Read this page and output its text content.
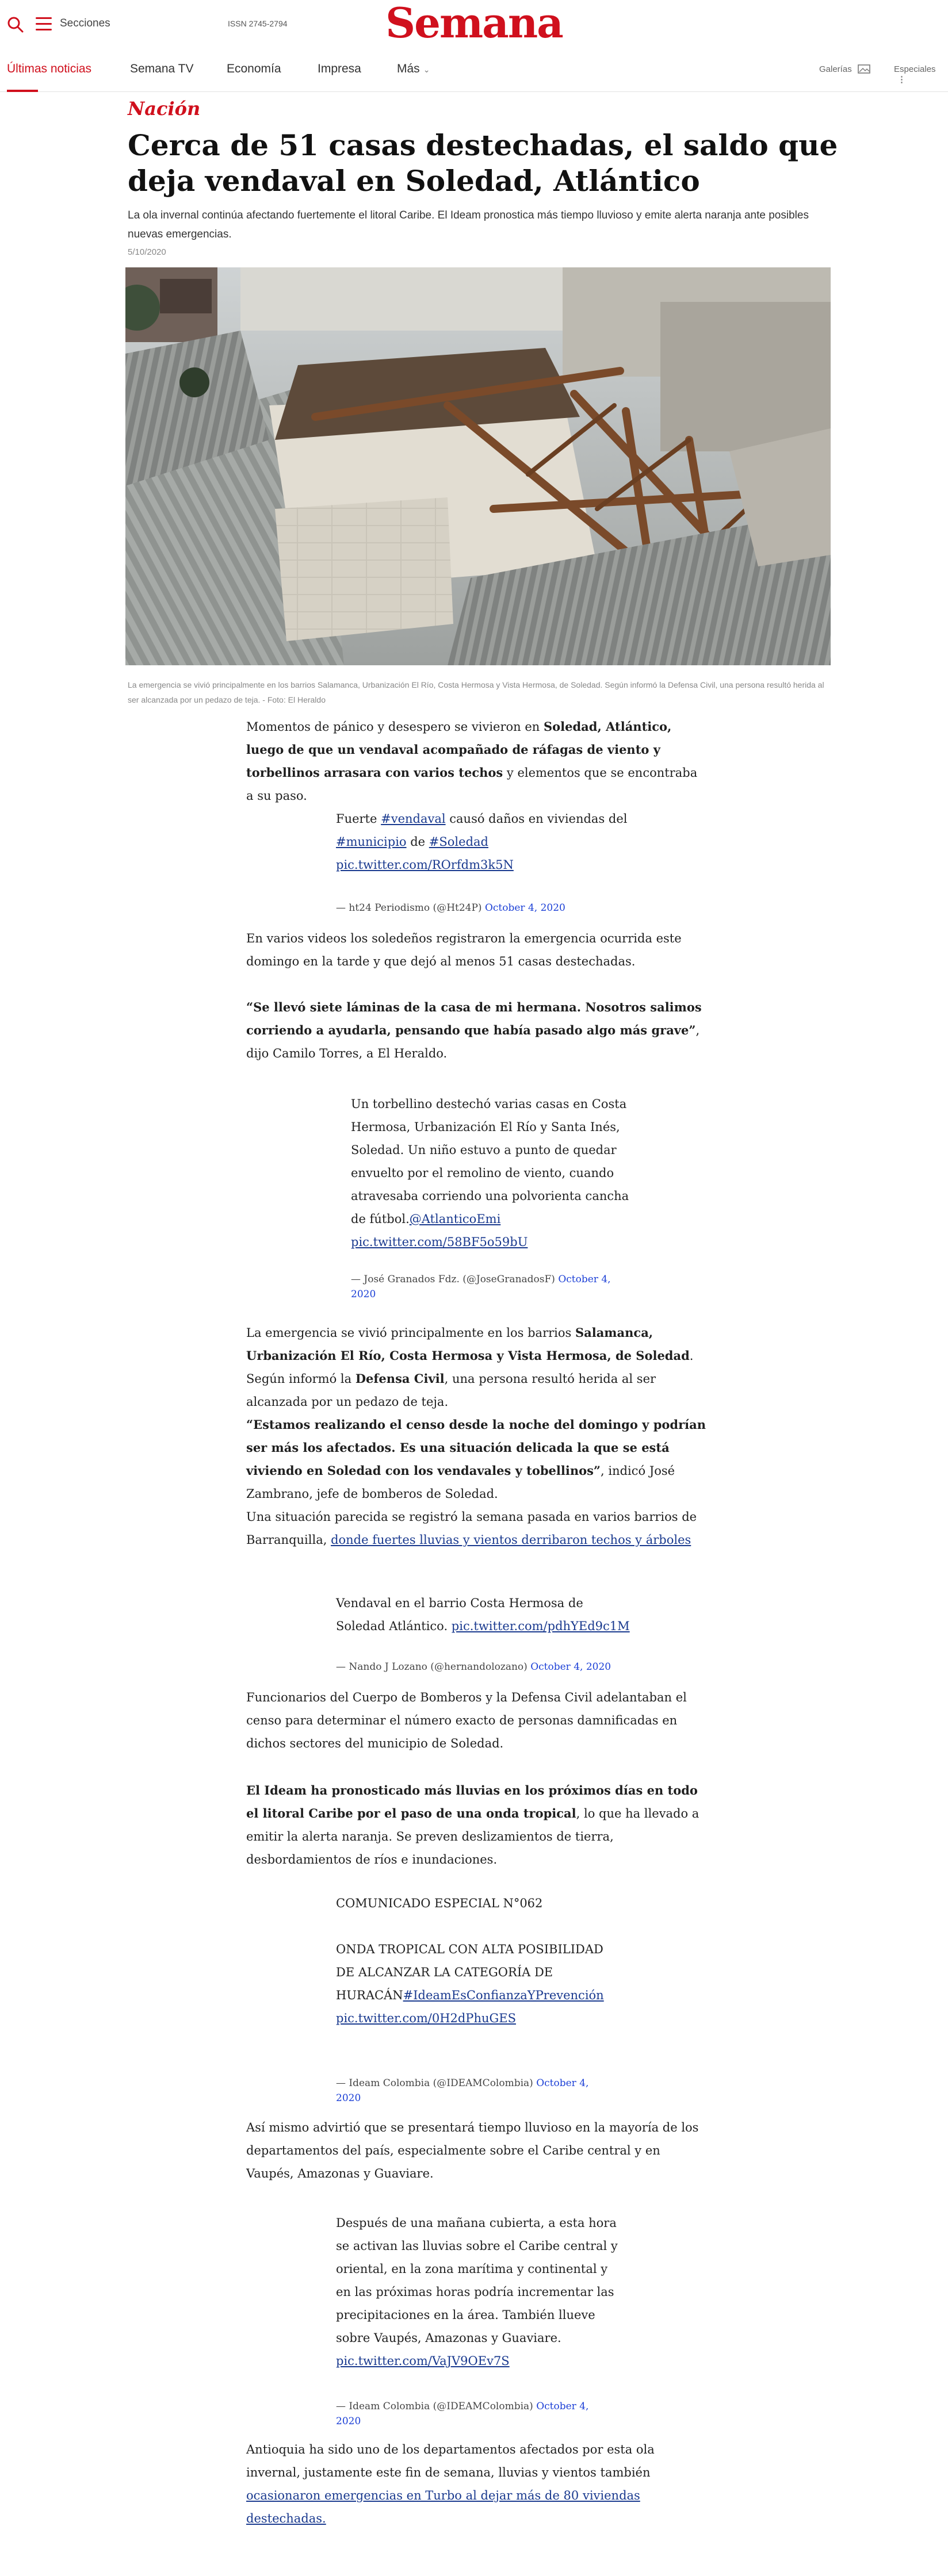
Secciones	ISSN 2745-2794	Semana
Últimas noticias	Semana TV	Economía	Impresa	Más ⌄	Galerías	Especiales ⋮
Nación
Cerca de 51 casas destechadas, el saldo que deja vendaval en Soledad, Atlántico
La ola invernal continúa afectando fuertemente el litoral Caribe. El Ideam pronostica más tiempo lluvioso y emite alerta naranja ante posibles nuevas emergencias.
5/10/2020
La emergencia se vivió principalmente en los barrios Salamanca, Urbanización El Río, Costa Hermosa y Vista Hermosa, de Soledad. Según informó la Defensa Civil, una persona resultó herida al ser alcanzada por un pedazo de teja. - Foto: El Heraldo

Momentos de pánico y desespero se vivieron en Soledad, Atlántico, luego de que un vendaval acompañado de ráfagas de viento y torbellinos arrasara con varios techos y elementos que se encontraba a su paso.

Fuerte #vendaval causó daños en viviendas del
#municipio de #Soledad
pic.twitter.com/ROrfdm3k5N
— ht24 Periodismo (@Ht24P) October 4, 2020

En varios videos los soledeños registraron la emergencia ocurrida este domingo en la tarde y que dejó al menos 51 casas destechadas.

“Se llevó siete láminas de la casa de mi hermana. Nosotros salimos corriendo a ayudarla, pensando que había pasado algo más grave”, dijo Camilo Torres, a El Heraldo.

Un torbellino destechó varias casas en Costa Hermosa, Urbanización El Río y Santa Inés, Soledad. Un niño estuvo a punto de quedar envuelto por el remolino de viento, cuando atravesaba corriendo una polvorienta cancha de fútbol.@AtlanticoEmi
pic.twitter.com/58BF5o59bU
— José Granados Fdz. (@JoseGranadosF) October 4, 2020

La emergencia se vivió principalmente en los barrios Salamanca, Urbanización El Río, Costa Hermosa y Vista Hermosa, de Soledad. Según informó la Defensa Civil, una persona resultó herida al ser alcanzada por un pedazo de teja.

“Estamos realizando el censo desde la noche del domingo y podrían ser más los afectados. Es una situación delicada la que se está viviendo en Soledad con los vendavales y tobellinos”, indicó José Zambrano, jefe de bomberos de Soledad.

Una situación parecida se registró la semana pasada en varios barrios de Barranquilla, donde fuertes lluvias y vientos derribaron techos y árboles

Vendaval en el barrio Costa Hermosa de Soledad Atlántico. pic.twitter.com/pdhYEd9c1M
— Nando J Lozano (@hernandolozano) October 4, 2020

Funcionarios del Cuerpo de Bomberos y la Defensa Civil adelantaban el censo para determinar el número exacto de personas damnificadas en dichos sectores del municipio de Soledad.

El Ideam ha pronosticado más lluvias en los próximos días en todo el litoral Caribe por el paso de una onda tropical, lo que ha llevado a emitir la alerta naranja. Se preven deslizamientos de tierra, desbordamientos de ríos e inundaciones.

COMUNICADO ESPECIAL N°062

ONDA TROPICAL CON ALTA POSIBILIDAD DE ALCANZAR LA CATEGORÍA DE HURACÁN#IdeamEsConfianzaYPrevención
pic.twitter.com/0H2dPhuGES
— Ideam Colombia (@IDEAMColombia) October 4, 2020

Así mismo advirtió que se presentará tiempo lluvioso en la mayoría de los departamentos del país, especialmente sobre el Caribe central y en Vaupés, Amazonas y Guaviare.

Después de una mañana cubierta, a esta hora se activan las lluvias sobre el Caribe central y oriental, en la zona marítima y continental y en las próximas horas podría incrementar las precipitaciones en la área. También llueve sobre Vaupés, Amazonas y Guaviare.
pic.twitter.com/VaJV9OEv7S
— Ideam Colombia (@IDEAMColombia) October 4, 2020

Antioquia ha sido uno de los departamentos afectados por esta ola invernal, justamente este fin de semana, lluvias y vientos también ocasionaron emergencias en Turbo al dejar más de 80 viviendas destechadas.
